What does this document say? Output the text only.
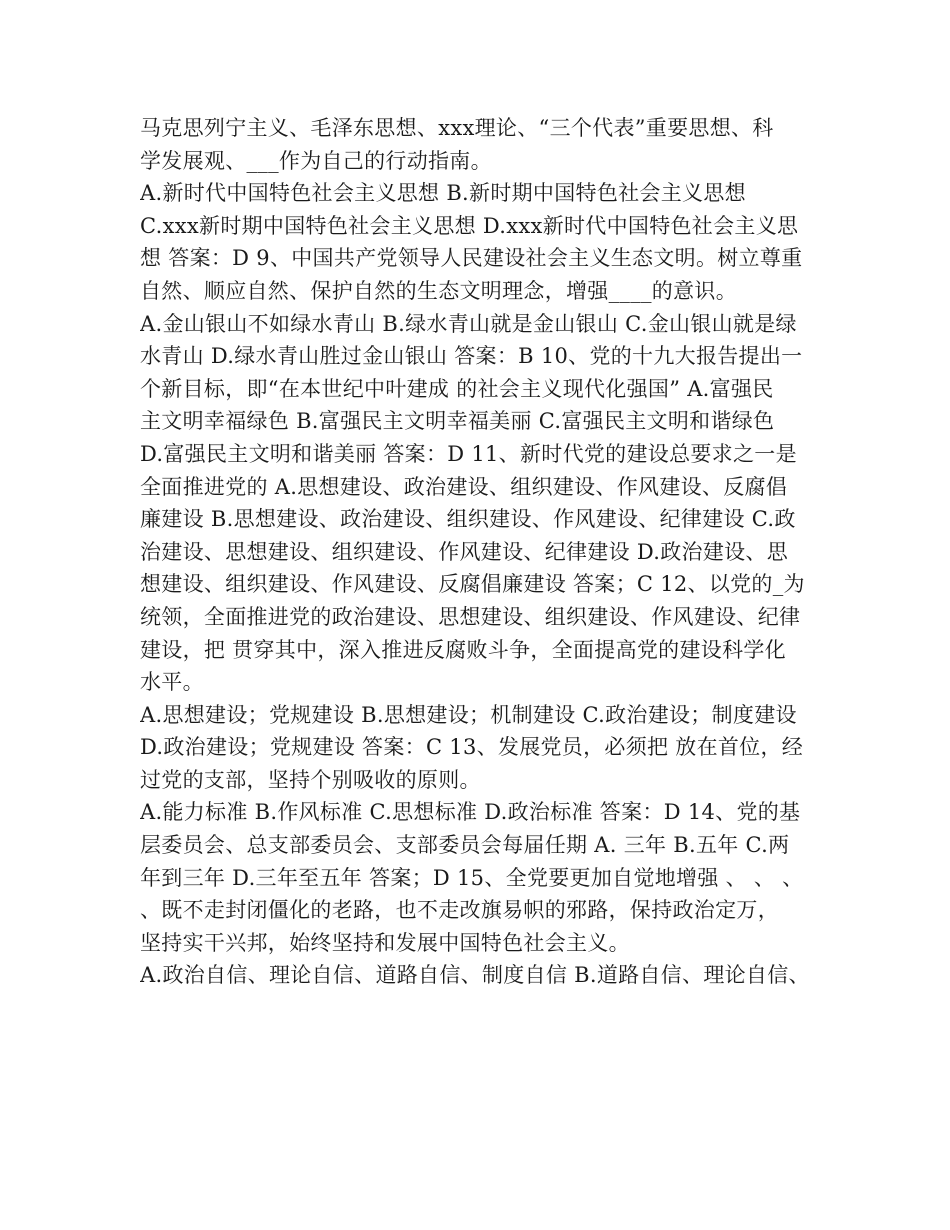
马克思列宁主义、毛泽东思想、xxx理论、“三个代表”重要思想、科
学发展观、___作为自己的行动指南。
A.新时代中国特色社会主义思想 B.新时期中国特色社会主义思想
C.xxx新时期中国特色社会主义思想 D.xxx新时代中国特色社会主义思
想 答案：D 9、中国共产党领导人民建设社会主义生态文明。树立尊重
自然、顺应自然、保护自然的生态文明理念，增强____的意识。
A.金山银山不如绿水青山 B.绿水青山就是金山银山 C.金山银山就是绿
水青山 D.绿水青山胜过金山银山 答案：B 10、党的十九大报告提出一
个新目标，即“在本世纪中叶建成 的社会主义现代化强国” A.富强民
主文明幸福绿色 B.富强民主文明幸福美丽 C.富强民主文明和谐绿色
D.富强民主文明和谐美丽 答案：D 11、新时代党的建设总要求之一是
全面推进党的 A.思想建设、政治建设、组织建设、作风建设、反腐倡
廉建设 B.思想建设、政治建设、组织建设、作风建设、纪律建设 C.政
治建设、思想建设、组织建设、作风建设、纪律建设 D.政治建设、思
想建设、组织建设、作风建设、反腐倡廉建设 答案；C 12、以党的_为
统领，全面推进党的政治建设、思想建设、组织建设、作风建设、纪律
建设，把 贯穿其中，深入推进反腐败斗争，全面提高党的建设科学化
水平。
A.思想建设；党规建设 B.思想建设；机制建设 C.政治建设；制度建设
D.政治建设；党规建设 答案：C 13、发展党员，必须把 放在首位，经
过党的支部，坚持个别吸收的原则。
A.能力标准 B.作风标准 C.思想标准 D.政治标准 答案：D 14、党的基
层委员会、总支部委员会、支部委员会每届任期 A. 三年 B.五年 C.两
年到三年 D.三年至五年 答案；D 15、全党要更加自觉地增强 、 、 、
、既不走封闭僵化的老路，也不走改旗易帜的邪路，保持政治定万，
坚持实干兴邦，始终坚持和发展中国特色社会主义。
A.政治自信、理论自信、道路自信、制度自信 B.道路自信、理论自信、
